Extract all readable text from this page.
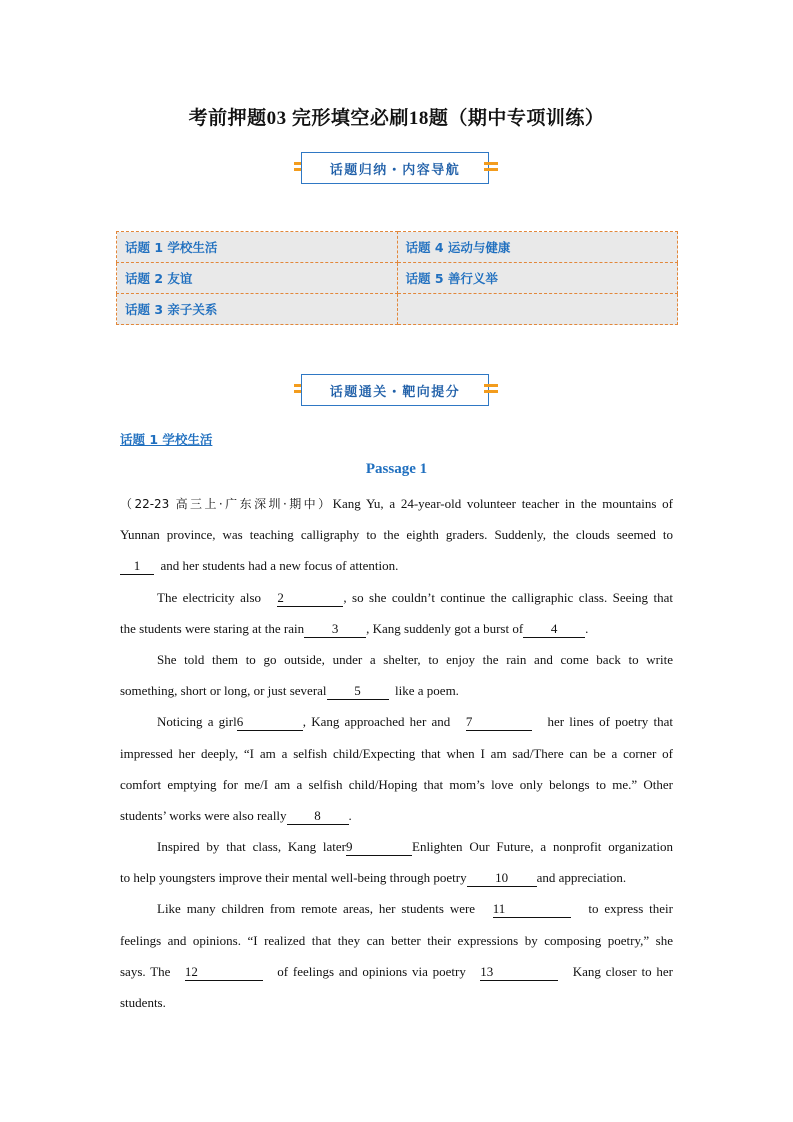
考前押题03 完形填空必刷18题（期中专项训练）
话题归纳・内容导航
话题 1 学校生活	话题 4 运动与健康
话题 2 友谊	话题 5 善行义举
话题 3 亲子关系	
话题通关・靶向提分
话题 1 学校生活
Passage 1
（22-23 高三上·广东深圳·期中）Kang Yu, a 24-year-old volunteer teacher in the mountains of
Yunnan province, was teaching calligraphy to the eighth graders. Suddenly, the clouds seemed to
1 and her students had a new focus of attention.
The electricity also 2	, so she couldn’t continue the calligraphic class. Seeing that
the students were staring at the rain 3 , Kang suddenly got a burst of 4 .
She told them to go outside, under a shelter, to enjoy the rain and come back to write
something, short or long, or just several 5	like a poem.
Noticing a girl6	, Kang approached her and 7	her lines of poetry that
impressed her deeply, “I am a selfish child/Expecting that when I am sad/There can be a corner of
comfort emptying for me/I am a selfish child/Hoping that mom’s love only belongs to me.” Other
students’ works were also really 8 .
Inspired by that class, Kang later9	Enlighten Our Future, a nonprofit organization
to help youngsters improve their mental well-being through poetry 10 and appreciation.
Like many children from remote areas, her students were 11	to express their
feelings and opinions. “I realized that they can better their expressions by composing poetry,” she
says. The 12	of feelings and opinions via poetry 13	Kang closer to her
students.
